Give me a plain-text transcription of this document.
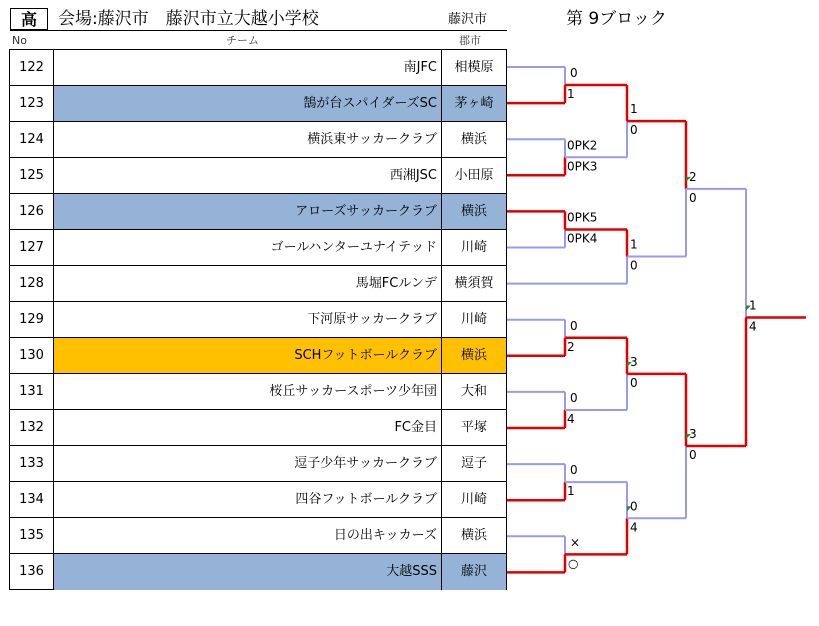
高	会場:藤沢市　藤沢市立大越小学校	藤沢市	第 9ブロック
No	チーム	郡市
122	南JFC	相模原
123	鵠が台スパイダーズSC	茅ヶ崎
124	横浜東サッカークラブ	横浜
125	西湘JSC	小田原
126	アローズサッカークラブ	横浜
127	ゴールハンターユナイテッド	川崎
128	馬堀FCルンデ	横須賀
129	下河原サッカークラブ	川崎
130	SCHフットボールクラブ	横浜
131	桜丘サッカースポーツ少年団	大和
132	FC金目	平塚
133	逗子少年サッカークラブ	逗子
134	四谷フットボールクラブ	川崎
135	日の出キッカーズ	横浜
136	大越SSS	藤沢
0
1
0PK2
0PK3
0PK5
0PK4
0
2
0
4
0
1
×
○
1
0
1
0
3
0
0
4
2
0
3
0
1
4
